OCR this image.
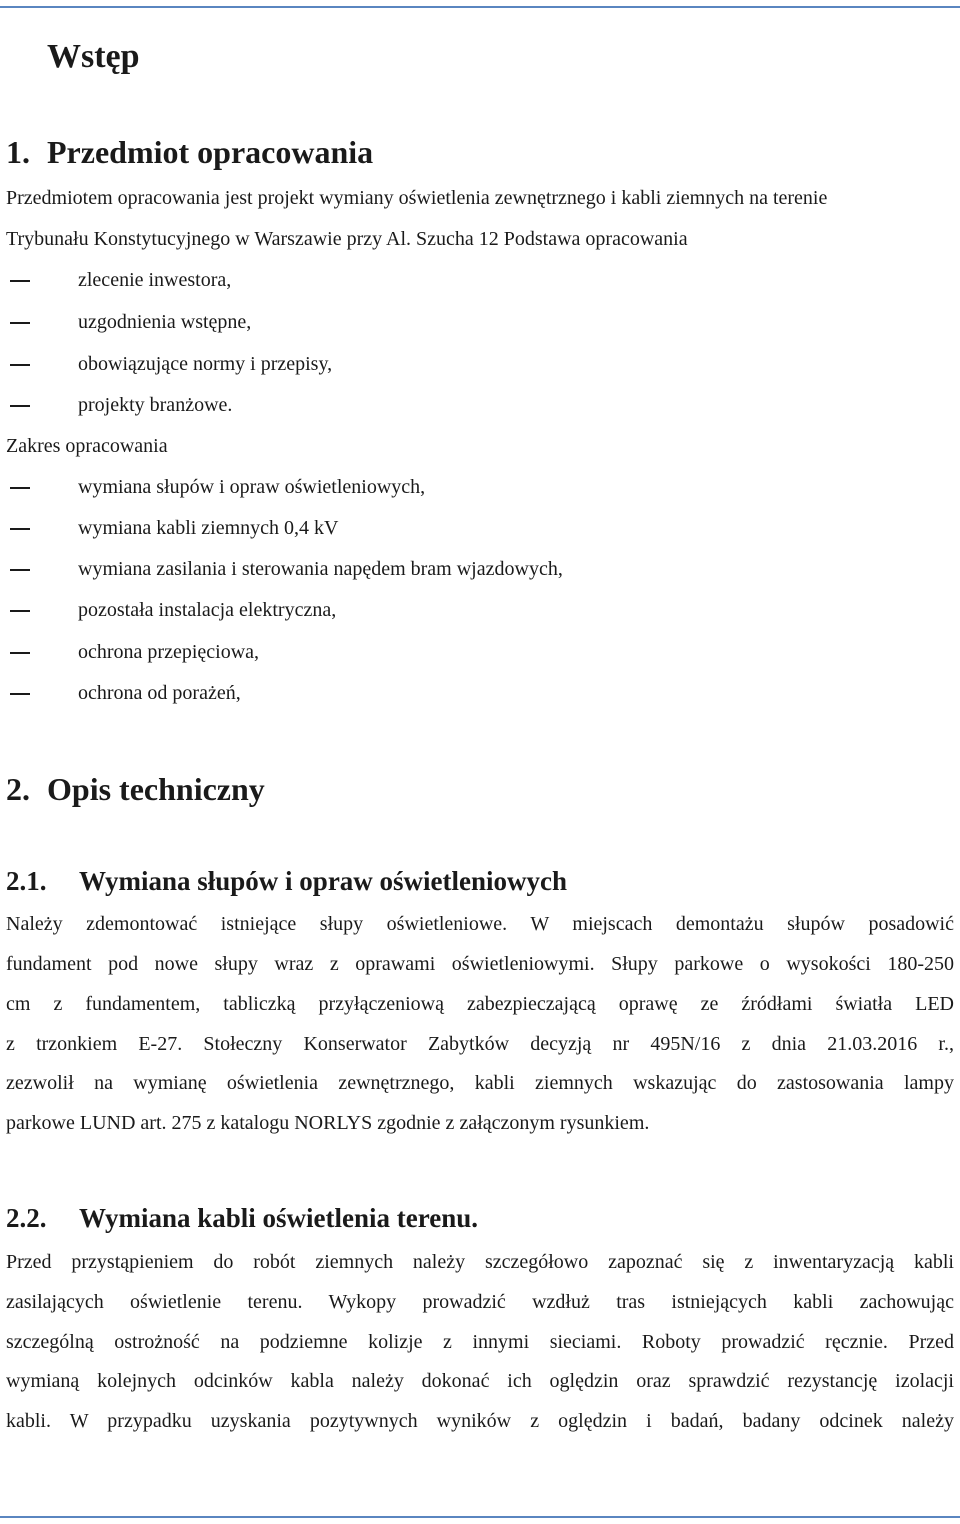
Wstęp
1. Przedmiot opracowania

Przedmiotem opracowania jest projekt wymiany oświetlenia zewnętrznego i kabli ziemnych na terenie

Trybunału Konstytucyjnego w Warszawie przy Al. Szucha 12 Podstawa opracowania

zlecenie inwestora,
uzgodnienia wstępne,
obowiązujące normy i przepisy,
projekty branżowe.

Zakres opracowania

wymiana słupów i opraw oświetleniowych,
wymiana kabli ziemnych 0,4 kV
wymiana zasilania i sterowania napędem bram wjazdowych,
pozostała instalacja elektryczna,
ochrona przepięciowa,
ochrona od porażeń,
2. Opis techniczny
2.1. Wymiana słupów i opraw oświetleniowych

Należy zdemontować istniejące słupy oświetleniowe. W miejscach demontażu słupów posadowić

fundament pod nowe słupy wraz z oprawami oświetleniowymi. Słupy parkowe o wysokości 180-250

cm z fundamentem, tabliczką przyłączeniową zabezpieczającą oprawę ze źródłami światła LED

z trzonkiem E-27. Stołeczny Konserwator Zabytków decyzją nr 495N/16 z dnia 21.03.2016 r.,

zezwolił na wymianę oświetlenia zewnętrznego, kabli ziemnych wskazując do zastosowania lampy

parkowe LUND art. 275 z katalogu NORLYS zgodnie z załączonym rysunkiem.

2.2. Wymiana kabli oświetlenia terenu.

Przed przystąpieniem do robót ziemnych należy szczegółowo zapoznać się z inwentaryzacją kabli

zasilających oświetlenie terenu. Wykopy prowadzić wzdłuż tras istniejących kabli zachowując

szczególną ostrożność na podziemne kolizje z innymi sieciami. Roboty prowadzić ręcznie. Przed

wymianą kolejnych odcinków kabla należy dokonać ich oględzin oraz sprawdzić rezystancję izolacji

kabli. W przypadku uzyskania pozytywnych wyników z oględzin i badań, badany odcinek należy
